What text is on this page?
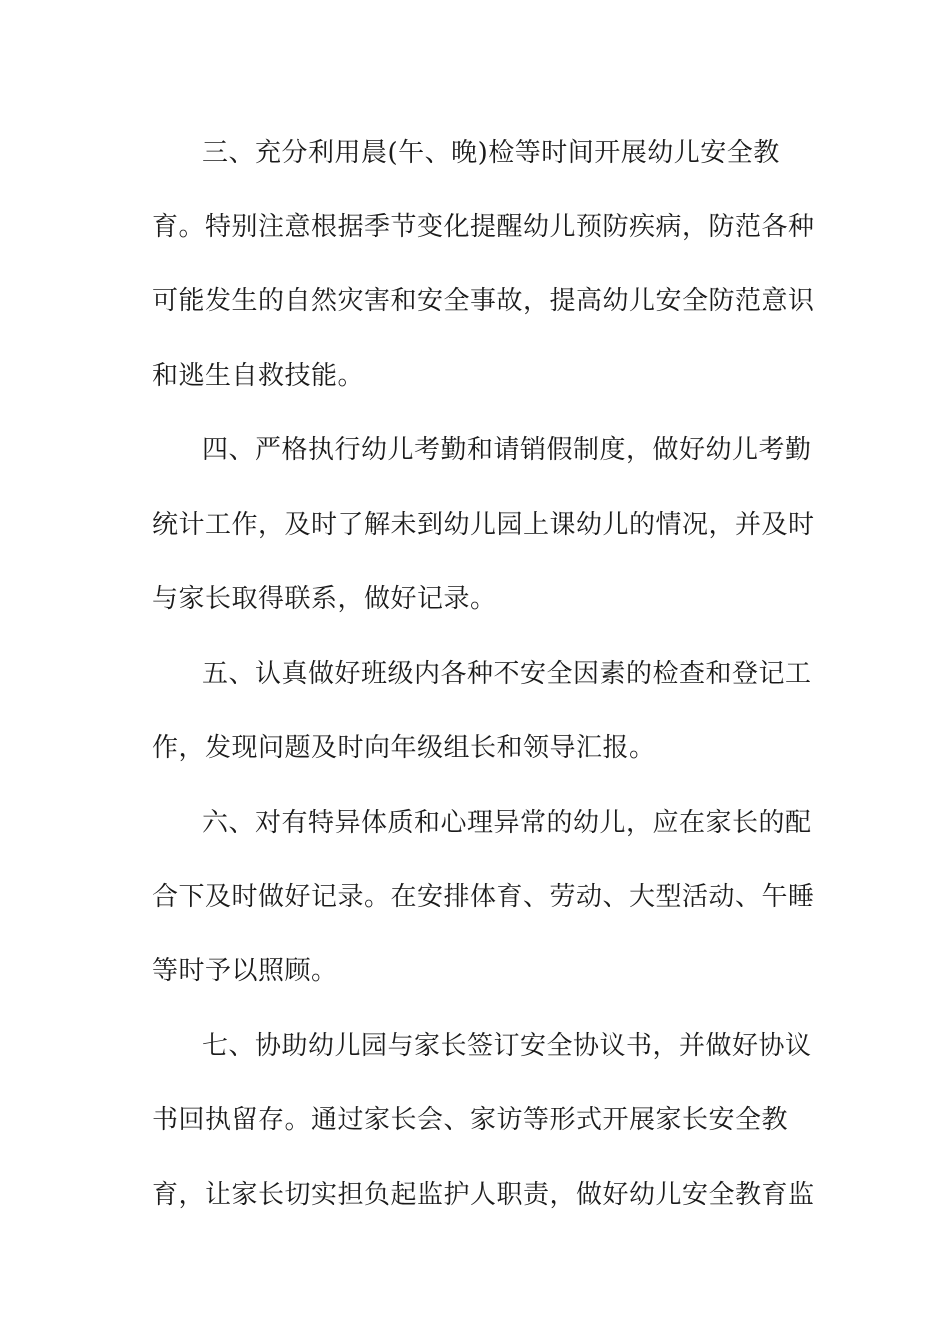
三、充分利用晨(午、晚)检等时间开展幼儿安全教
育。特别注意根据季节变化提醒幼儿预防疾病，防范各种
可能发生的自然灾害和安全事故，提高幼儿安全防范意识
和逃生自救技能。
四、严格执行幼儿考勤和请销假制度，做好幼儿考勤
统计工作，及时了解未到幼儿园上课幼儿的情况，并及时
与家长取得联系，做好记录。
五、认真做好班级内各种不安全因素的检查和登记工
作，发现问题及时向年级组长和领导汇报。
六、对有特异体质和心理异常的幼儿，应在家长的配
合下及时做好记录。在安排体育、劳动、大型活动、午睡
等时予以照顾。
七、协助幼儿园与家长签订安全协议书，并做好协议
书回执留存。通过家长会、家访等形式开展家长安全教
育，让家长切实担负起监护人职责，做好幼儿安全教育监
